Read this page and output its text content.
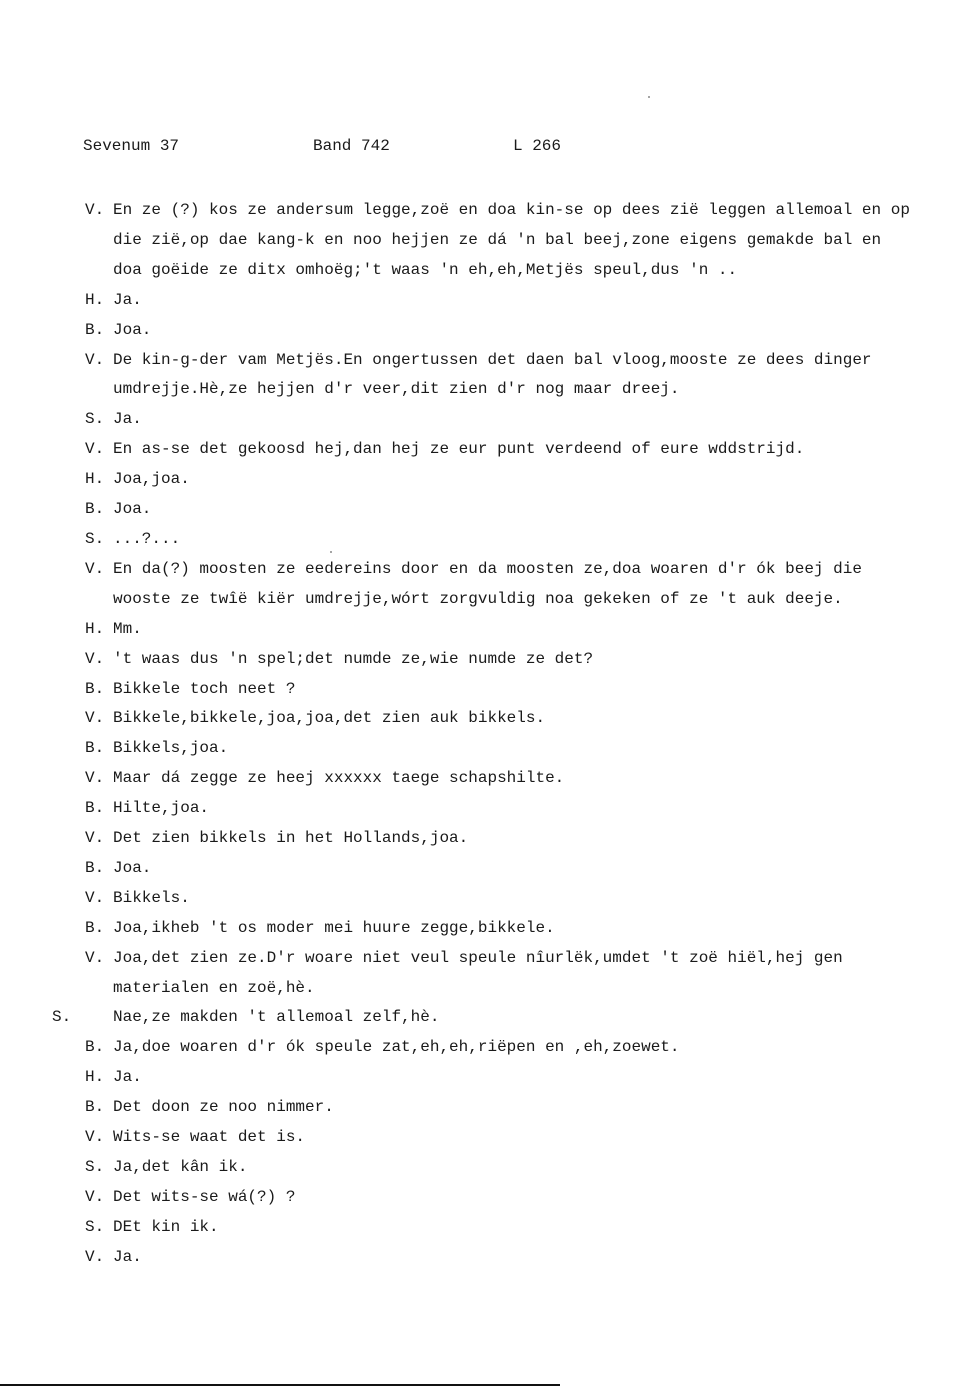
Sevenum 37	Band 742	L 266
V. En ze (?) kos ze andersum legge,zoë en doa kin-se op dees zië leggen allemoal en op die zië,op dae kang-k en noo hejjen ze dá 'n bal beej,zone eigens gemakde bal en doa goëide ze ditx omhoëg;'t waas 'n eh,eh,Metjës speul,dus 'n ..
H. Ja.
B. Joa.
V. De kin-g-der vam Metjës.En ongertussen det daen bal vloog,mooste ze dees dinger umdrejje.Hè,ze hejjen d'r veer,dit zien d'r nog maar dreej.
S. Ja.
V. En as-se det gekoosd hej,dan hej ze eur punt verdeend of eure wddstrijd.
H. Joa,joa.
B. Joa.
S. ...?...
V. En da(?) moosten ze eedereins door en da moosten ze,doa woaren d'r ók beej die wooste ze twîë kiër umdrejje,wórt zorgvuldig noa gekeken of ze 't auk deeje.
H. Mm.
V. 't waas dus 'n spel;det numde ze,wie numde ze det?
B. Bikkele toch neet ?
V. Bikkele,bikkele,joa,joa,det zien auk bikkels.
B. Bikkels,joa.
V. Maar dá zegge ze heej xxxxxx taege schapshilte.
B. Hilte,joa.
V. Det zien bikkels in het Hollands,joa.
B. Joa.
V. Bikkels.
B. Joa,ikheb 't os moder mei huure zegge,bikkele.
V. Joa,det zien ze.D'r woare niet veul speule nîurlëk,umdet 't zoë hiël,hej gen materialen en zoë,hè.
S.	Nae,ze makden 't allemoal zelf,hè.
B. Ja,doe woaren d'r ók speule zat,eh,eh,riëpen en ,eh,zoewet.
H. Ja.
B. Det doon ze noo nimmer.
V. Wits-se waat det is.
S. Ja,det kân ik.
V. Det wits-se wá(?) ?
S. DEt kin ik.
V. Ja.
